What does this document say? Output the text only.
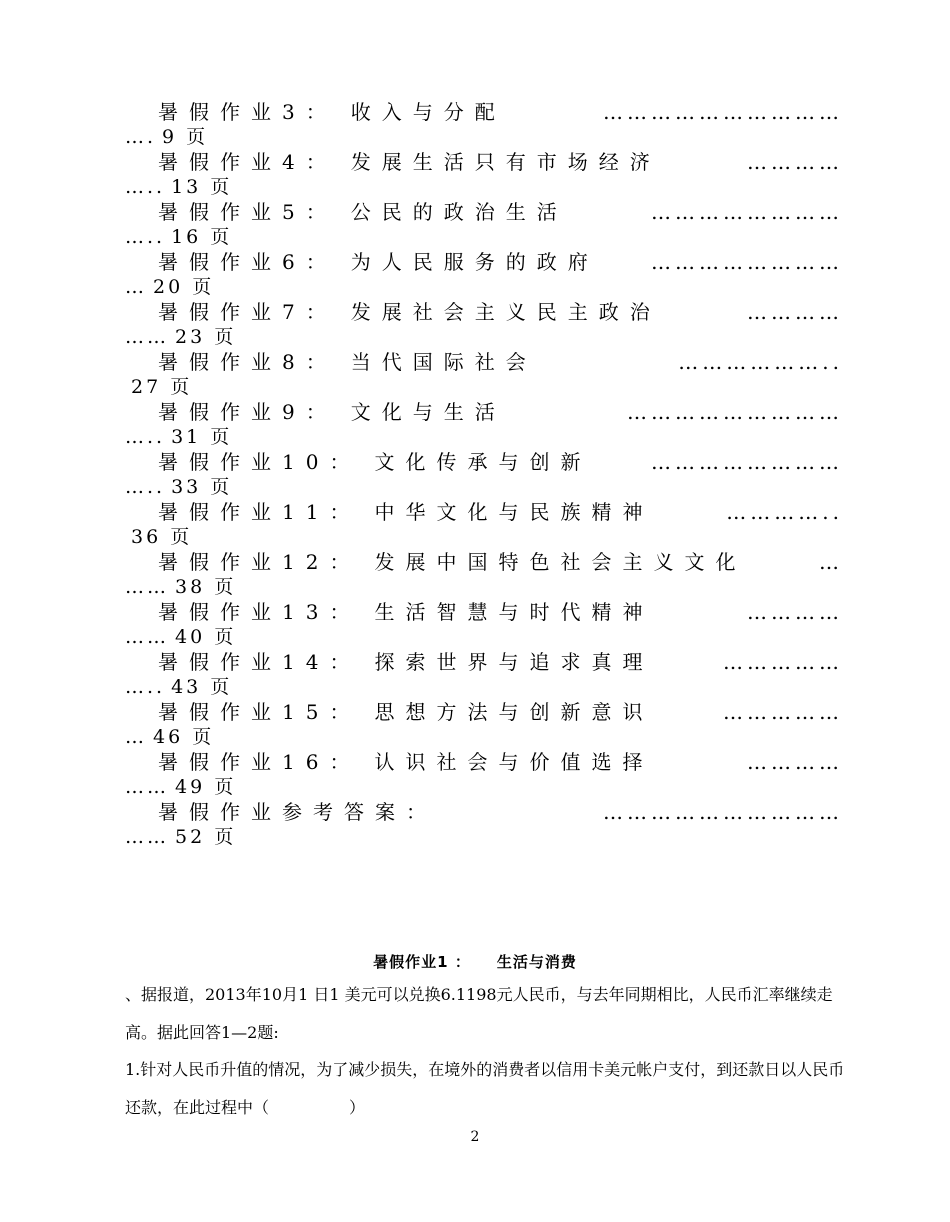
暑假作业3： 收入与分配	…………………………
…. 9 页
暑假作业4： 发展生活只有市场经济	…………
….. 13 页
暑假作业5： 公民的政治生活	……………………
….. 16 页
暑假作业6： 为人民服务的政府	……………………
… 20 页
暑假作业7： 发展社会主义民主政治	…………
…… 23 页
暑假作业8： 当代国际社会	………………..
27 页
暑假作业9： 文化与生活	………………………
….. 31 页
暑假作业10： 文化传承与创新	……………………
….. 33 页
暑假作业11： 中华文化与民族精神	…………..
36 页
暑假作业12： 发展中国特色社会主义文化	…
…… 38 页
暑假作业13： 生活智慧与时代精神	…………
…… 40 页
暑假作业14： 探索世界与追求真理	……………
….. 43 页
暑假作业15： 思想方法与创新意识	……………
… 46 页
暑假作业16： 认识社会与价值选择	…………
…… 49 页
暑假作业参考答案：	…………………………
…… 52 页
暑假作业1 ： 生活与消费
、据报道，2013年10月1 日1 美元可以兑换6.1198元人民币，与去年同期相比，人民币汇率继续走高。据此回答1—2题:
1.针对人民币升值的情况，为了减少损失，在境外的消费者以信用卡美元帐户支付，到还款日以人民币还款，在此过程中（　　　　　）
2
